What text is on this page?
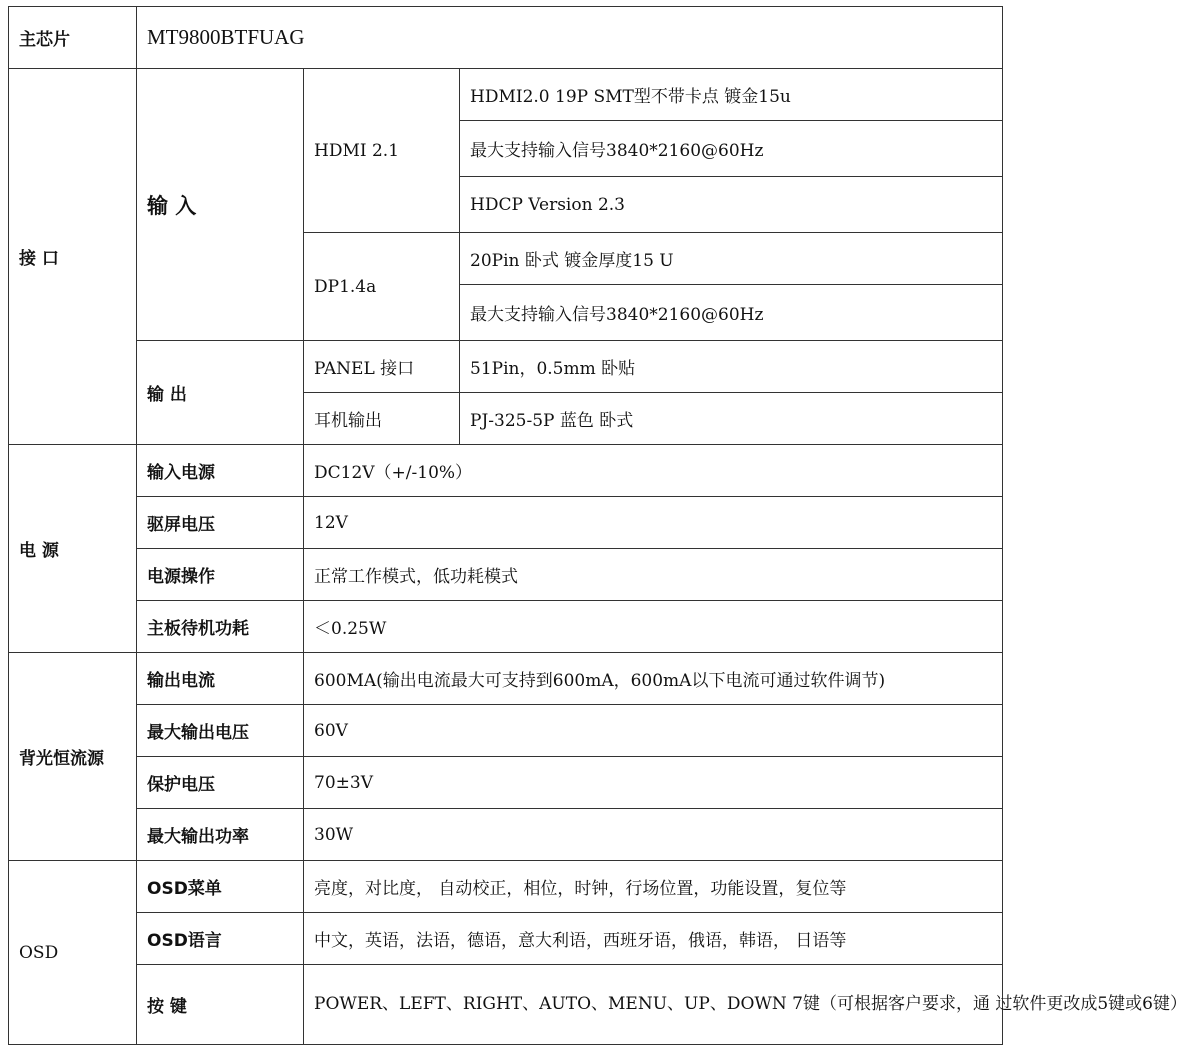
主芯片	MT9800BTFUAG		
接 口	输 入	HDMI 2.1	HDMI2.0 19P SMT型不带卡点 镀金15u
			最大支持输入信号3840*2160@60Hz
			HDCP Version 2.3
		DP1.4a	20Pin 卧式 镀金厚度15 U
			最大支持输入信号3840*2160@60Hz
	输 出	PANEL 接口	51Pin，0.5mm 卧贴
		耳机输出	PJ-325-5P 蓝色 卧式
电 源	输入电源	DC12V（+/-10%）	
	驱屏电压	12V	
	电源操作	正常工作模式，低功耗模式	
	主板待机功耗	＜0.25W	
背光恒流源	输出电流	600MA(输出电流最大可支持到600mA，600mA以下电流可通过软件调节)	
	最大输出电压	60V	
	保护电压	70±3V	
	最大输出功率	30W	
OSD	OSD菜单	亮度，对比度， 自动校正，相位，时钟，行场位置，功能设置，复位等	
	OSD语言	中文，英语，法语，德语，意大利语，西班牙语，俄语，韩语， 日语等	
	按 键	POWER、LEFT、RIGHT、AUTO、MENU、UP、DOWN 7键（可根据客户要求，通 过软件更改成5键或6键）	
